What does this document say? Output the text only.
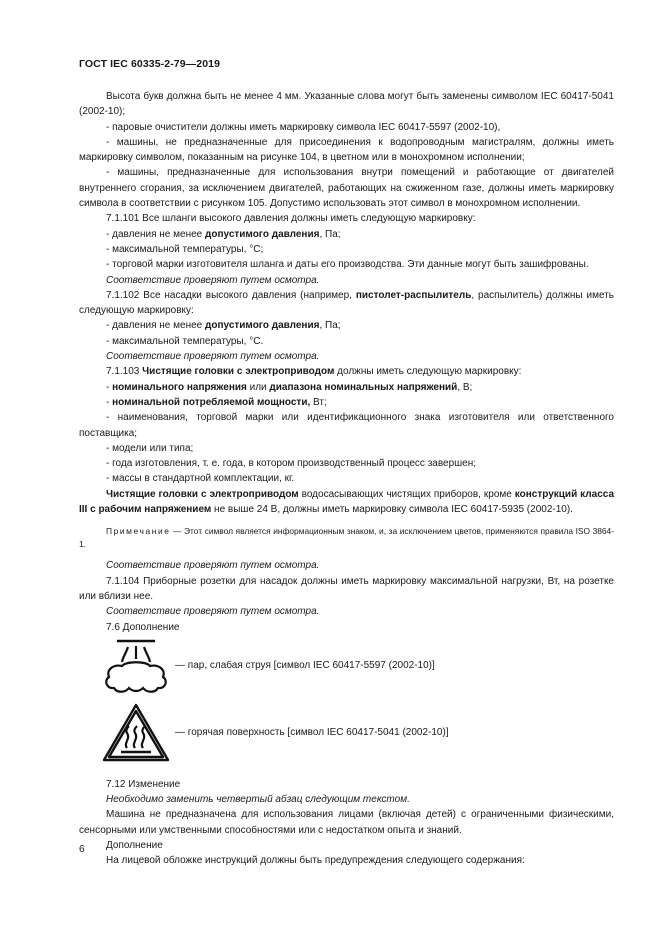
ГОСТ IEC 60335-2-79—2019

Высота букв должна быть не менее 4 мм. Указанные слова могут быть заменены символом IEC 60417-5041 (2002-10);

- паровые очистители должны иметь маркировку символа IEC 60417-5597 (2002-10),

- машины, не предназначенные для присоединения к водопроводным магистралям, должны иметь маркировку символом, показанным на рисунке 104, в цветном или в монохромном исполнении;

- машины, предназначенные для использования внутри помещений и работающие от двигателей внутреннего сгорания, за исключением двигателей, работающих на сжиженном газе, должны иметь маркировку символа в соответствии с рисунком 105. Допустимо использовать этот символ в монохромном исполнении.

7.1.101 Все шланги высокого давления должны иметь следующую маркировку:

- давления не менее допустимого давления, Па;

- максимальной температуры, °C;

- торговой марки изготовителя шланга и даты его производства. Эти данные могут быть зашифрованы.

Соответствие проверяют путем осмотра.

7.1.102 Все насадки высокого давления (например, пистолет-распылитель, распылитель) должны иметь следующую маркировку:

- давления не менее допустимого давления, Па;

- максимальной температуры, °С.

Соответствие проверяют путем осмотра.

7.1.103 Чистящие головки с электроприводом должны иметь следующую маркировку:

- номинального напряжения или диапазона номинальных напряжений, В;

- номинальной потребляемой мощности, Вт;

- наименования, торговой марки или идентификационного знака изготовителя или ответственного поставщика;

- модели или типа;

- года изготовления, т. е. года, в котором производственный процесс завершен;

- массы в стандартной комплектации, кг.

Чистящие головки с электроприводом водосасывающих чистящих приборов, кроме конструкций класса III с рабочим напряжением не выше 24 В, должны иметь маркировку символа IEC 60417-5935 (2002-10).

Примечание — Этот символ является информационным знаком, и, за исключением цветов, применяются правила ISO 3864-1.

Соответствие проверяют путем осмотра.

7.1.104 Приборные розетки для насадок должны иметь маркировку максимальной нагрузки, Вт, на розетке или вблизи нее.

Соответствие проверяют путем осмотра.

7.6 Дополнение

— пар, слабая струя [символ IEC 60417-5597 (2002-10)]
— горячая поверхность [символ IEC 60417-5041 (2002-10)]

7.12 Изменение

Необходимо заменить четвертый абзац следующим текстом.

Машина не предназначена для использования лицами (включая детей) с ограниченными физическими, сенсорными или умственными способностями или с недостатком опыта и знаний.

Дополнение

На лицевой обложке инструкций должны быть предупреждения следующего содержания:

6
